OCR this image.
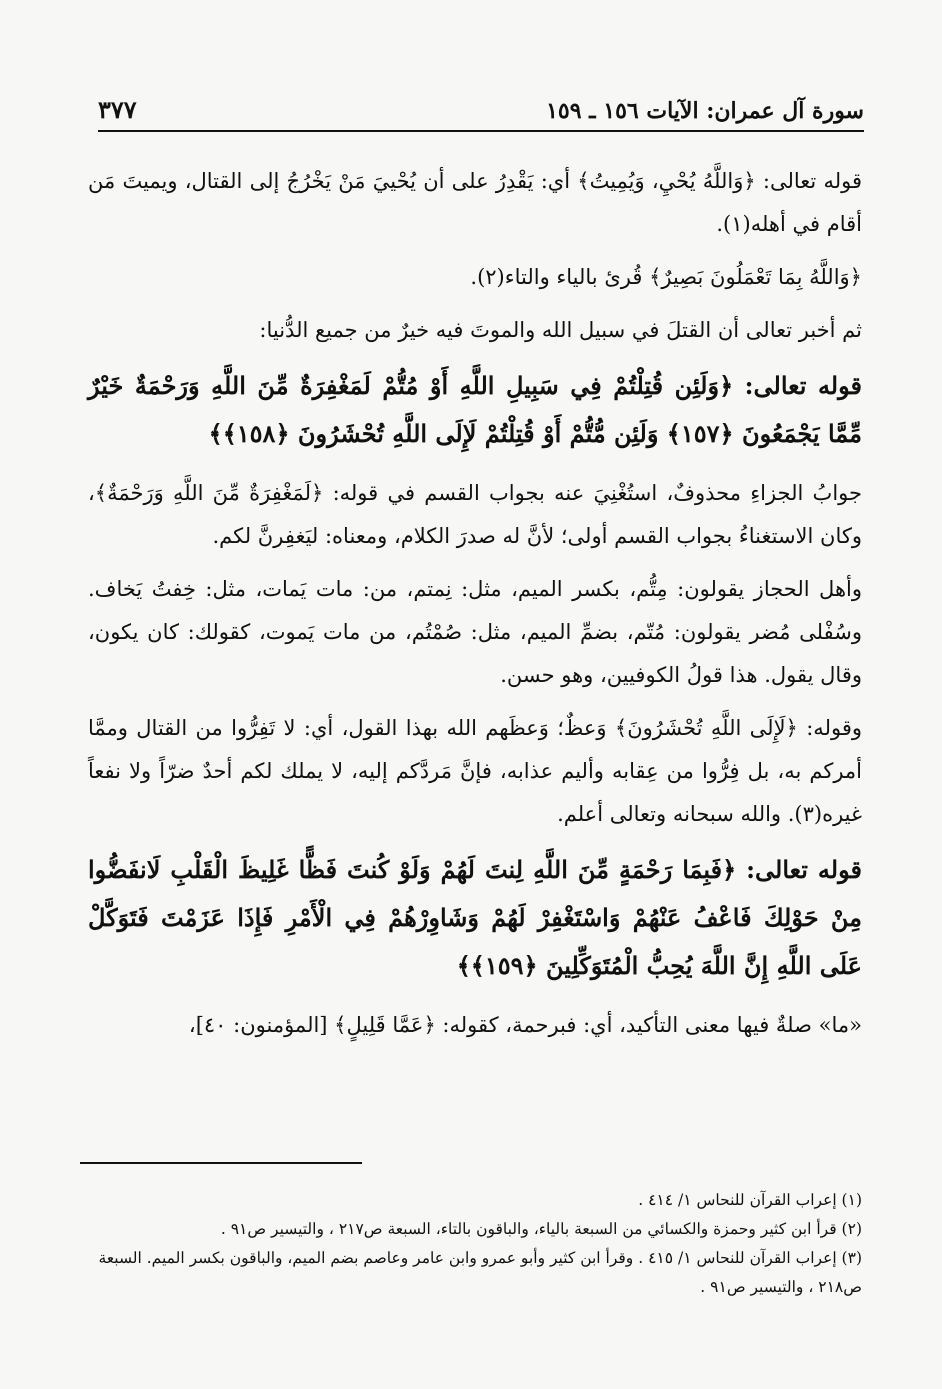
سورة آل عمران: الآيات ١٥٦ ـ ١٥٩
٣٧٧

قوله تعالى: ﴿وَاللَّهُ يُحْيِ، وَيُمِيتُ﴾ أي: يَقْدِرُ على أن يُحْييَ مَنْ يَخْرُجُ إلى القتال، ويميتَ مَن أقام في أهله(١).

﴿وَاللَّهُ بِمَا تَعْمَلُونَ بَصِيرٌ﴾ قُرئ بالياء والتاء(٢).

ثم أخبر تعالى أن القتلَ في سبيل الله والموتَ فيه خيرٌ من جميع الدُّنيا:

قوله تعالى: ﴿وَلَئِن قُتِلْتُمْ فِي سَبِيلِ اللَّهِ أَوْ مُتُّمْ لَمَغْفِرَةٌ مِّنَ اللَّهِ وَرَحْمَةٌ خَيْرٌ مِّمَّا يَجْمَعُونَ ﴿١٥٧﴾ وَلَئِن مُّتُّمْ أَوْ قُتِلْتُمْ لَإِلَى اللَّهِ تُحْشَرُونَ ﴿١٥٨﴾﴾

جوابُ الجزاءِ محذوفٌ، استُغْنِيَ عنه بجواب القسم في قوله: ﴿لَمَغْفِرَةٌ مِّنَ اللَّهِ وَرَحْمَةٌ﴾، وكان الاستغناءُ بجواب القسم أولى؛ لأنَّ له صدرَ الكلام، ومعناه: ليَغفِرنَّ لكم.

وأهل الحجاز يقولون: مِتُّم، بكسر الميم، مثل: نِمتم، من: مات يَمات، مثل: خِفتُ يَخاف. وسُفْلى مُضر يقولون: مُتّم، بضمِّ الميم، مثل: صُمْتُم، من مات يَموت، كقولك: كان يكون، وقال يقول. هذا قولُ الكوفيين، وهو حسن.

وقوله: ﴿لَإِلَى اللَّهِ تُحْشَرُونَ﴾ وَعظٌ؛ وَعظَهم الله بهذا القول، أي: لا تَفِرُّوا من القتال وممَّا أمركم به، بل فِرُّوا من عِقابه وأليم عذابه، فإنَّ مَردَّكم إليه، لا يملك لكم أحدٌ ضرّاً ولا نفعاً غيره(٣). والله سبحانه وتعالى أعلم.

قوله تعالى: ﴿فَبِمَا رَحْمَةٍ مِّنَ اللَّهِ لِنتَ لَهُمْ وَلَوْ كُنتَ فَظًّا غَلِيظَ الْقَلْبِ لَانفَضُّوا مِنْ حَوْلِكَ فَاعْفُ عَنْهُمْ وَاسْتَغْفِرْ لَهُمْ وَشَاوِرْهُمْ فِي الْأَمْرِ فَإِذَا عَزَمْتَ فَتَوَكَّلْ عَلَى اللَّهِ إِنَّ اللَّهَ يُحِبُّ الْمُتَوَكِّلِينَ ﴿١٥٩﴾﴾

«ما» صلةٌ فيها معنى التأكيد، أي: فبرحمة، كقوله: ﴿عَمَّا قَلِيلٍ﴾ [المؤمنون: ٤٠]،

(١) إعراب القرآن للنحاس ١/ ٤١٤ .
(٢) قرأ ابن كثير وحمزة والكسائي من السبعة بالياء، والباقون بالتاء، السبعة ص٢١٧ ، والتيسير ص٩١ .
(٣) إعراب القرآن للنحاس ١/ ٤١٥ . وقرأ ابن كثير وأبو عمرو وابن عامر وعاصم بضم الميم، والباقون بكسر الميم. السبعة ص٢١٨ ، والتيسير ص٩١ .
